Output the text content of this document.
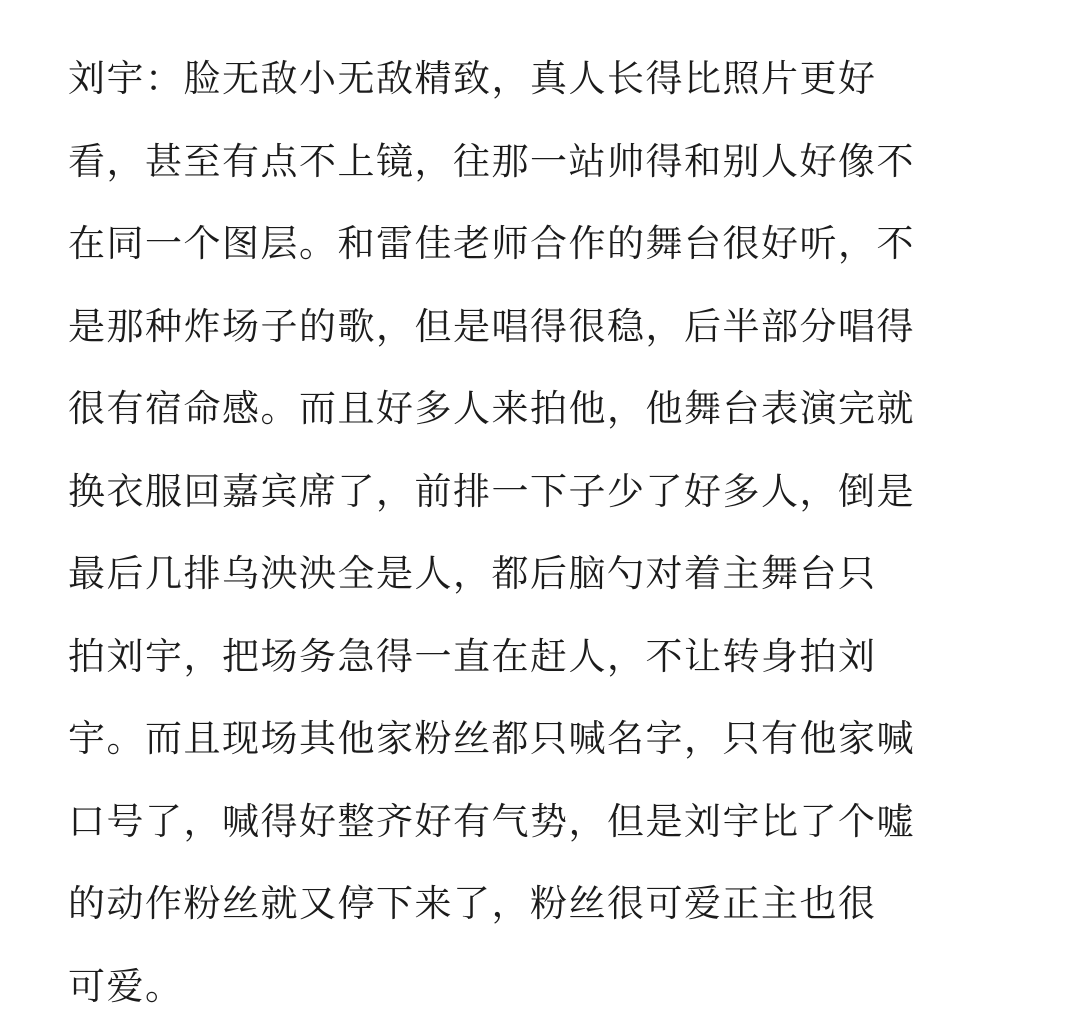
刘宇：脸无敌小无敌精致，真人长得比照片更好
看，甚至有点不上镜，往那一站帅得和别人好像不
在同一个图层。和雷佳老师合作的舞台很好听，不
是那种炸场子的歌，但是唱得很稳，后半部分唱得
很有宿命感。而且好多人来拍他，他舞台表演完就
换衣服回嘉宾席了，前排一下子少了好多人，倒是
最后几排乌泱泱全是人，都后脑勺对着主舞台只
拍刘宇，把场务急得一直在赶人，不让转身拍刘
宇。而且现场其他家粉丝都只喊名字，只有他家喊
口号了，喊得好整齐好有气势，但是刘宇比了个嘘
的动作粉丝就又停下来了，粉丝很可爱正主也很
可爱。
